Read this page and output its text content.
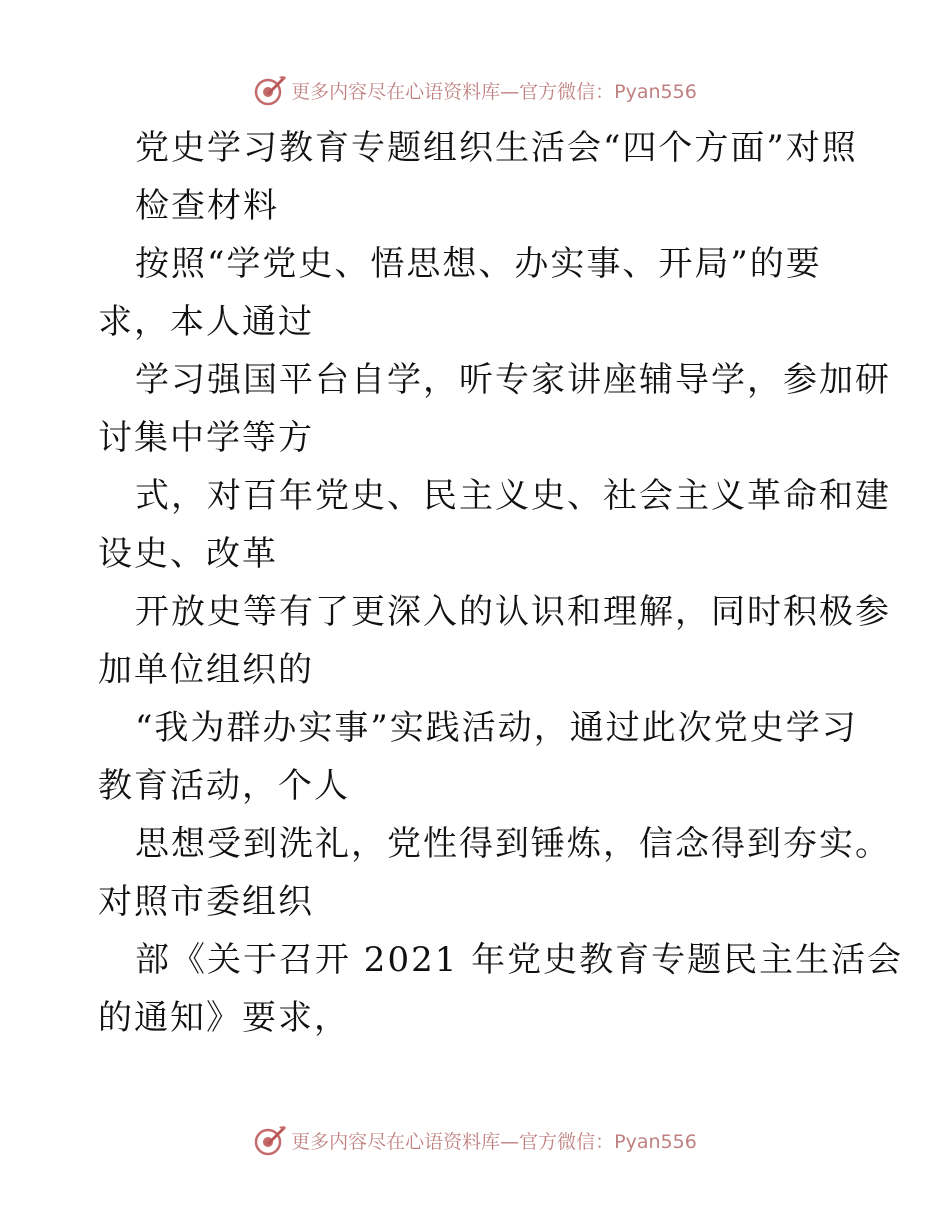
更多内容尽在心语资料库—官方微信：Pyan556
党史学习教育专题组织生活会“四个方面”对照
检查材料
按照“学党史、悟思想、办实事、开局”的要
求，本人通过
学习强国平台自学，听专家讲座辅导学，参加研
讨集中学等方
式，对百年党史、民主义史、社会主义革命和建
设史、改革
开放史等有了更深入的认识和理解，同时积极参
加单位组织的
“我为群办实事”实践活动，通过此次党史学习
教育活动，个人
思想受到洗礼，党性得到锤炼，信念得到夯实。
对照市委组织
部《关于召开 2021 年党史教育专题民主生活会
的通知》要求，
更多内容尽在心语资料库—官方微信：Pyan556
